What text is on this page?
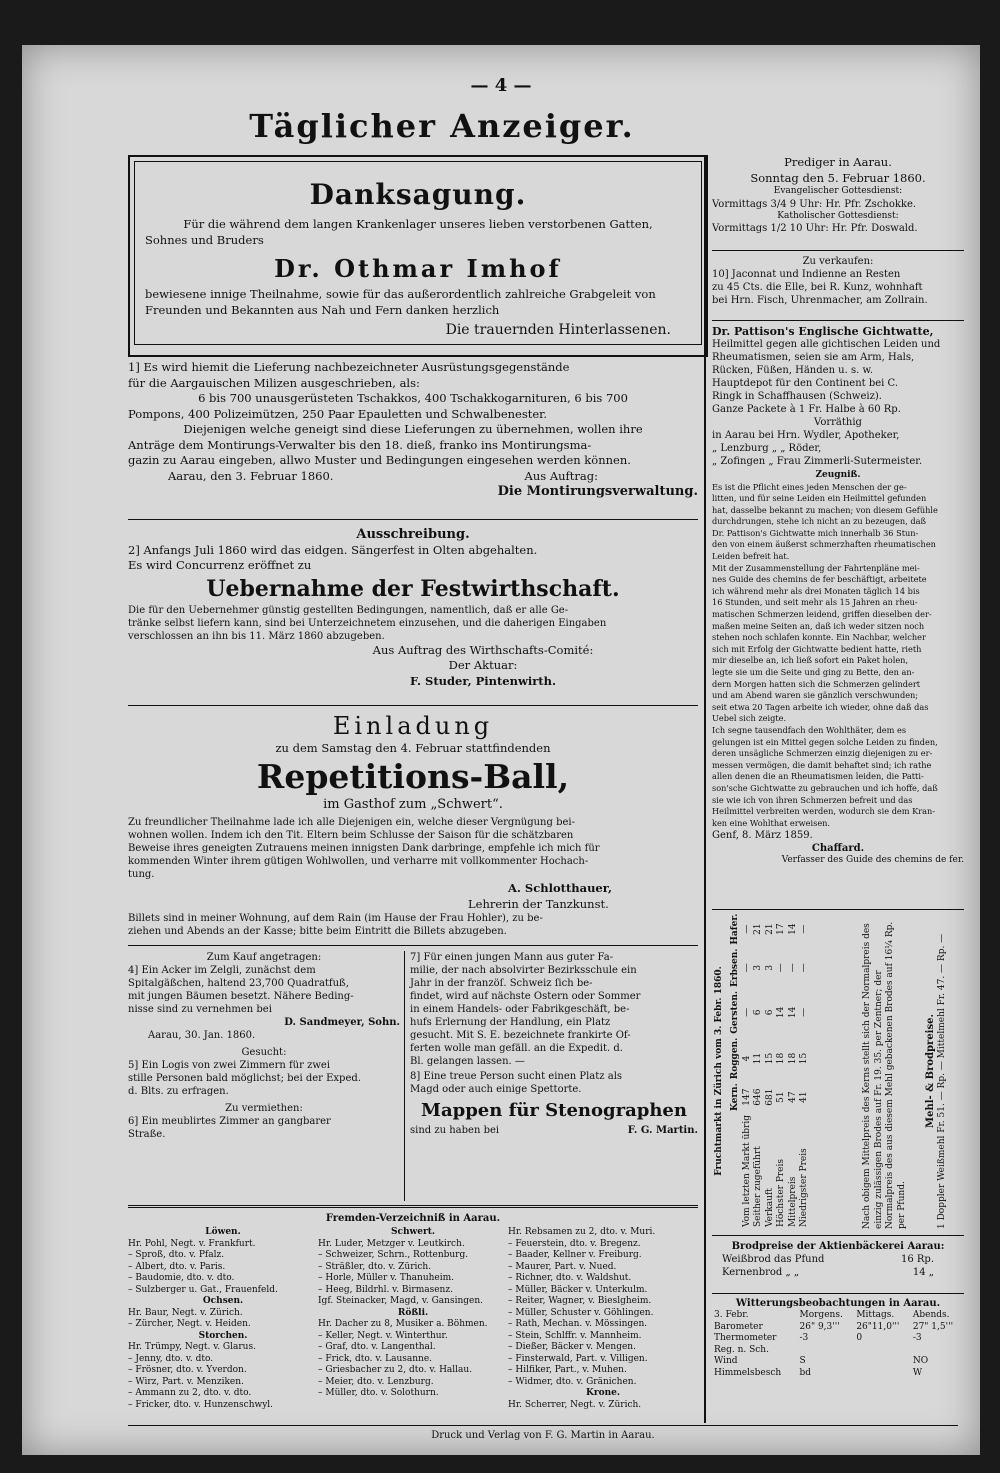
— 4 —
Täglicher Anzeiger.
Danksagung.
Für die während dem langen Krankenlager unseres lieben verstorbenen Gatten,
Sohnes und Bruders
Dr. Othmar Imhof
bewiesene innige Theilnahme, sowie für das außerordentlich zahlreiche Grabgeleit von
Freunden und Bekannten aus Nah und Fern danken herzlich
Die trauernden Hinterlassenen.

1] Es wird hiemit die Lieferung nachbezeichneter Ausrüstungsgegenstände

für die Aargauischen Milizen ausgeschrieben, als:

6 bis 700 unausgerüsteten Tschakkos, 400 Tschakkogarnituren, 6 bis 700

Pompons, 400 Polizeimützen, 250 Paar Epauletten und Schwalbenester.

Diejenigen welche geneigt sind diese Lieferungen zu übernehmen, wollen ihre

Anträge dem Montirungs-Verwalter bis den 18. dieß, franko ins Montirungsma-

gazin zu Aarau eingeben, allwo Muster und Bedingungen eingesehen werden können.

Aarau, den 3. Februar 1860.	Aus Auftrag:

Die Montirungsverwaltung.

Ausschreibung.

2] Anfangs Juli 1860 wird das eidgen. Sängerfest in Olten abgehalten.

Es wird Concurrenz eröffnet zu

Uebernahme der Festwirthschaft.

Die für den Uebernehmer günstig gestellten Bedingungen, namentlich, daß er alle Ge-

tränke selbst liefern kann, sind bei Unterzeichnetem einzusehen, und die daherigen Eingaben

verschlossen an ihn bis 11. März 1860 abzugeben.

Aus Auftrag des Wirthschafts-Comité:

Der Aktuar:

F. Studer, Pintenwirth.

Einladung

zu dem Samstag den 4. Februar stattfindenden

Repetitions-Ball,

im Gasthof zum „Schwert“.

Zu freundlicher Theilnahme lade ich alle Diejenigen ein, welche dieser Vergnügung bei-

wohnen wollen. Indem ich den Tit. Eltern beim Schlusse der Saison für die schätzbaren

Beweise ihres geneigten Zutrauens meinen innigsten Dank darbringe, empfehle ich mich für

kommenden Winter ihrem gütigen Wohlwollen, und verharre mit vollkommenter Hochach-

tung.

A. Schlotthauer,

Lehrerin der Tanzkunst.

Billets sind in meiner Wohnung, auf dem Rain (im Hause der Frau Hohler), zu be-

ziehen und Abends an der Kasse; bitte beim Eintritt die Billets abzugeben.

Zum Kauf angetragen:

4] Ein Acker im Zelgli, zunächst dem

Spitalgäßchen, haltend 23,700 Quadratfuß,

mit jungen Bäumen besetzt. Nähere Beding-

nisse sind zu vernehmen bei

D. Sandmeyer, Sohn.

Aarau, 30. Jan. 1860.

Gesucht:

5] Ein Logis von zwei Zimmern für zwei

stille Personen bald möglichst; bei der Exped.

d. Blts. zu erfragen.

Zu vermiethen:

6] Ein meublirtes Zimmer an gangbarer

Straße.

7] Für einen jungen Mann aus guter Fa-

milie, der nach absolvirter Bezirksschule ein

Jahr in der franzöſ. Schweiz ſich be-

findet, wird auf nächste Ostern oder Sommer

in einem Handels- oder Fabrikgeschäft, be-

hufs Erlernung der Handlung, ein Platz

gesucht. Mit S. E. bezeichnete frankirte Of-

ferten wolle man gefäll. an die Expedit. d.

Bl. gelangen lassen. —

8] Eine treue Person sucht einen Platz als

Magd oder auch einige Spettorte.

Mappen für Stenographen

sind zu haben bei	F. G. Martin.
Fremden-Verzeichniß in Aarau.

Löwen.

Hr. Pohl, Negt. v. Frankfurt.

– Sproß, dto. v. Pfalz.

– Albert, dto. v. Paris.

– Baudomie, dto. v. dto.

– Sulzberger u. Gat., Frauenfeld.

Ochsen.

Hr. Baur, Negt. v. Zürich.

– Zürcher, Negt. v. Heiden.

Storchen.

Hr. Trümpy, Negt. v. Glarus.

– Jenny, dto. v. dto.

– Frösner, dto. v. Yverdon.

– Wirz, Part. v. Menziken.

– Ammann zu 2, dto. v. dto.

– Fricker, dto. v. Hunzenschwyl.

Schwert.

Hr. Luder, Metzger v. Leutkirch.

– Schweizer, Schrn., Rottenburg.

– Sträßler, dto. v. Zürich.

– Horle, Müller v. Thanuheim.

– Heeg, Bildrhl. v. Birmasenz.

Igf. Steinacker, Magd, v. Gansingen.

Rößli.

Hr. Dacher zu 8, Musiker a. Böhmen.

– Keller, Negt. v. Winterthur.

– Graf, dto. v. Langenthal.

– Frick, dto. v. Lausanne.

– Griesbacher zu 2, dto. v. Hallau.

– Meier, dto. v. Lenzburg.

– Müller, dto. v. Solothurn.

Hr. Rebsamen zu 2, dto. v. Muri.

– Feuerstein, dto. v. Bregenz.

– Baader, Kellner v. Freiburg.

– Maurer, Part. v. Nued.

– Richner, dto. v. Waldshut.

– Müller, Bäcker v. Unterkulm.

– Reiter, Wagner, v. Bieslgheim.

– Müller, Schuster v. Göhlingen.

– Rath, Mechan. v. Mössingen.

– Stein, Schlffr. v. Mannheim.

– Dießer, Bäcker v. Mengen.

– Finsterwald, Part. v. Villigen.

– Hilfiker, Part., v. Muhen.

– Widmer, dto. v. Gränichen.

Krone.

Hr. Scherrer, Negt. v. Zürich.

Druck und Verlag von F. G. Martin in Aarau.

Prediger in Aarau.

Sonntag den 5. Februar 1860.

Evangelischer Gottesdienst:

Vormittags 3/4 9 Uhr: Hr. Pfr. Zschokke.

Katholischer Gottesdienst:

Vormittags 1/2 10 Uhr: Hr. Pfr. Doswald.

Zu verkaufen:

10] Jaconnat und Indienne an Resten

zu 45 Cts. die Elle, bei R. Kunz, wohnhaft

bei Hrn. Fisch, Uhrenmacher, am Zollrain.

Dr. Pattison's Englische Gichtwatte,

Heilmittel gegen alle gichtischen Leiden und

Rheumatismen, seien sie am Arm, Hals,

Rücken, Füßen, Händen u. s. w.

Hauptdepot für den Continent bei C.

Ringk in Schaffhausen (Schweiz).

Ganze Packete à 1 Fr. Halbe à 60 Rp.

Vorräthig

in Aarau bei Hrn. Wydler, Apotheker,

„ Lenzburg „ „ Röder,

„ Zofingen „ Frau Zimmerli-Sutermeister.

Zeugniß.

Es ist die Pflicht eines jeden Menschen der ge-

litten, und für seine Leiden ein Heilmittel gefunden

hat, dasselbe bekannt zu machen; von diesem Gefühle

durchdrungen, stehe ich nicht an zu bezeugen, daß

Dr. Pattison's Gichtwatte mich innerhalb 36 Stun-

den von einem äußerst schmerzhaften rheumatischen

Leiden befreit hat.

Mit der Zusammenstellung der Fahrtenpläne mei-

nes Guide des chemins de fer beschäftigt, arbeitete

ich während mehr als drei Monaten täglich 14 bis

16 Stunden, und seit mehr als 15 Jahren an rheu-

matischen Schmerzen leidend, griffen dieselben der-

maßen meine Seiten an, daß ich weder sitzen noch

stehen noch schlafen konnte. Ein Nachbar, welcher

sich mit Erfolg der Gichtwatte bedient hatte, rieth

mir dieselbe an, ich ließ sofort ein Paket holen,

legte sie um die Seite und ging zu Bette, den an-

dern Morgen hatten sich die Schmerzen gelindert

und am Abend waren sie gänzlich verschwunden;

seit etwa 20 Tagen arbeite ich wieder, ohne daß das

Uebel sich zeigte.

Ich segne tausendfach den Wohlthäter, dem es

gelungen ist ein Mittel gegen solche Leiden zu finden,

deren unsägliche Schmerzen einzig diejenigen zu er-

messen vermögen, die damit behaftet sind; ich rathe

allen denen die an Rheumatismen leiden, die Patti-

son'sche Gichtwatte zu gebrauchen und ich hoffe, daß

sie wie ich von ihren Schmerzen befreit und das

Heilmittel verbreiten werden, wodurch sie dem Kran-

ken eine Wohlthat erweisen.

Genf, 8. März 1859.

Chaffard.

Verfasser des Guide des chemins de fer.

Fruchtmarkt in Zürich vom 3. Febr. 1860.

	Kern.	Roggen.	Gersten.	Erbsen.	Hafer.
Vom letzten Markt übrig	147	4	—	—	—
Seither zugeführt	646	11	6	3	21
Verkauft	681	15	6	3	21
Höchster Preis	51	18	14	—	17
Mittelpreis	47	18	14	—	14
Niedrigster Preis	41	15	—	—	—	Nach obigem Mittelpreis des Kerns stellt sich der Normalpreis des einzig zulässigen Brodes auf Fr. 19. 35. per Zentner; der Normalpreis des aus diesem Mehl gebackenen Brodes auf 16¼ Rp. per Pfund.

Mehl- & Brodpreise. 1 Doppler Weißmehl Fr. 51. — Rp. — Mittelmehl Fr. 47. — Rp. —

Brodpreise der Aktienbäckerei Aarau:

Weißbrod das Pfund	16 Rp.
Kernenbrod „ „	14 „

Witterungsbeobachtungen in Aarau.

3. Febr.	Morgens.	Mittags.	Abends.
Barometer	26" 9,3'''	26"11,0'''	27" 1,5'''
Thermometer	-3	0	-3
Reg. n. Sch.			
Wind	S		NO
Himmelsbesch	bd		W
